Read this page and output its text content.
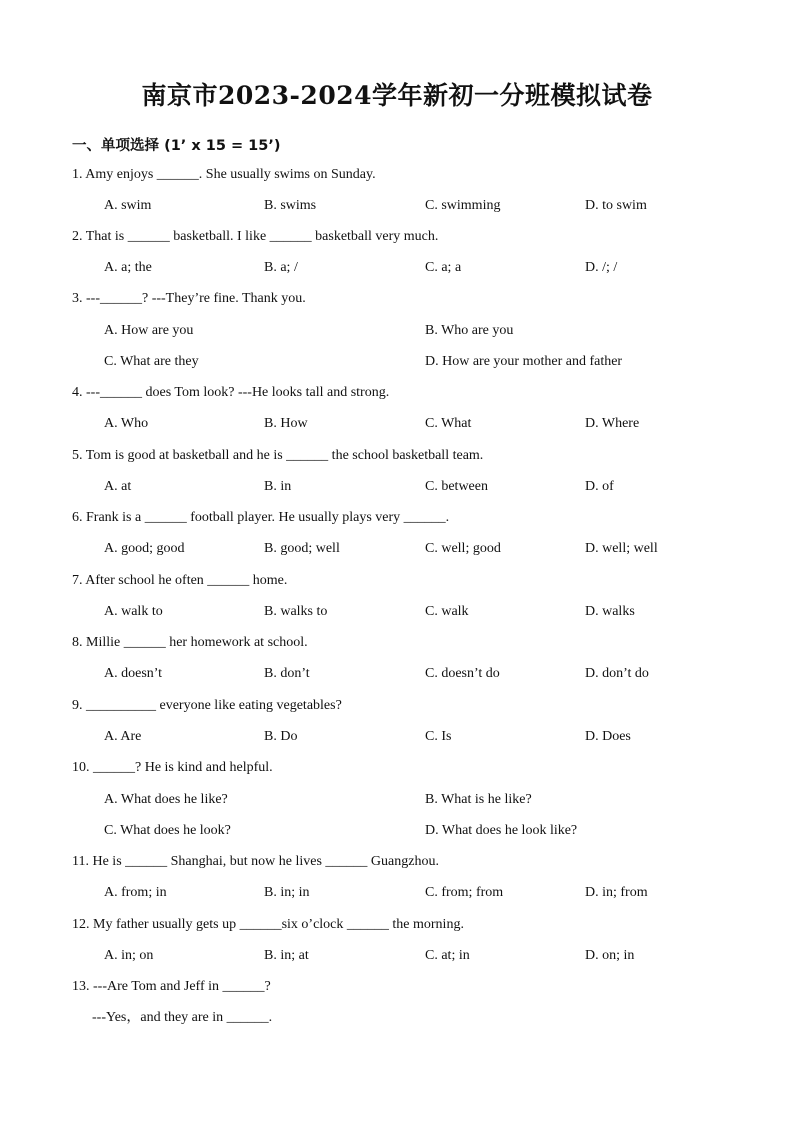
南京市2023-2024学年新初一分班模拟试卷
一、单项选择 (1’ x 15 = 15’)
1. Amy enjoys ______. She usually swims on Sunday.
A. swim	B. swims	C. swimming	D. to swim
2. That is ______ basketball. I like ______ basketball very much.
A. a; the	B. a; /	C. a; a	D. /; /
3. ---______? ---They’re fine. Thank you.
A. How are you	B. Who are you
C. What are they	D. How are your mother and father
4. ---______ does Tom look? ---He looks tall and strong.
A. Who	B. How	C. What	D. Where
5. Tom is good at basketball and he is ______ the school basketball team.
A. at	B. in	C. between	D. of
6. Frank is a ______ football player. He usually plays very ______.
A. good; good	B. good; well	C. well; good	D. well; well
7. After school he often ______ home.
A. walk to	B. walks to	C. walk	D. walks
8. Millie ______ her homework at school.
A. doesn’t	B. don’t	C. doesn’t do	D. don’t do
9. __________ everyone like eating vegetables?
A. Are	B. Do	C. Is	D. Does
10. ______? He is kind and helpful.
A. What does he like?	B. What is he like?
C. What does he look?	D. What does he look like?
11. He is ______ Shanghai, but now he lives ______ Guangzhou.
A. from; in	B. in; in	C. from; from	D. in; from
12. My father usually gets up ______six o’clock ______ the morning.
A. in; on	B. in; at	C. at; in	D. on; in
13. ---Are Tom and Jeff in ______?
---Yes，and they are in ______.
